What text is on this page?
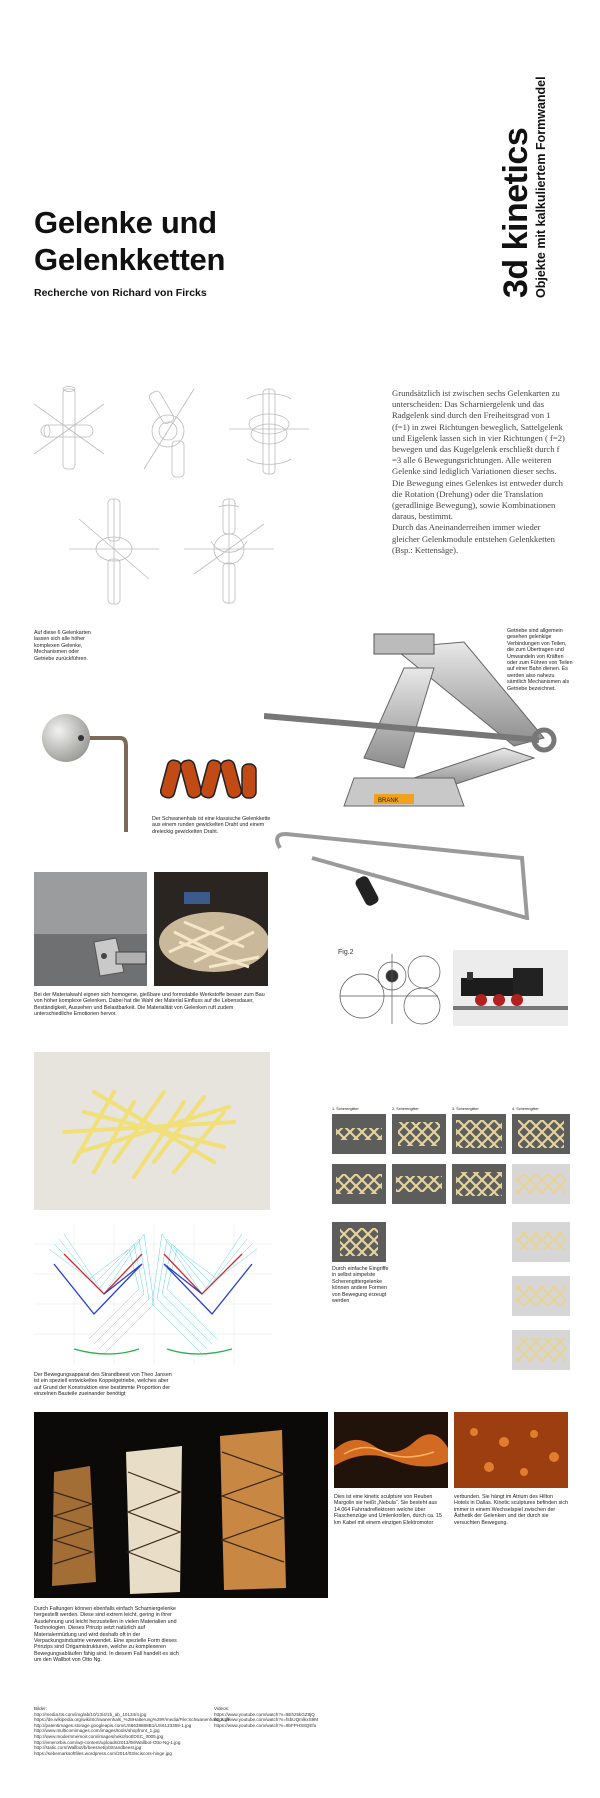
Gelenke und
Gelenkketten
Recherche von Richard von Fircks	3d kinetics Objekte mit kalkuliertem Formwandel
Grundsätzlich ist zwischen sechs Gelenkarten zu unterscheiden: Das Scharniergelenk und das Radgelenk sind durch den Freiheitsgrad von 1 (f=1) in zwei Richtungen beweglich, Sattelgelenk und Eigelenk lassen sich in vier Richtungen ( f=2) bewegen und das Kugelgelenk erschließt durch f =3 alle 6 Bewegungsrichtungen. Alle weiteren Gelenke sind lediglich Variationen dieser sechs.
Die Bewegung eines Gelenkes ist entweder durch die Rotation (Drehung) oder die Translation (geradlinige Bewegung), sowie Kombinationen daraus, bestimmt.
Durch das Aneinanderreihen immer wieder gleicher Gelenkmodule entstehen Gelenkketten (Bsp.: Kettensäge).
Auf diese 6 Gelenkarten lassen sich alle höher komplexen Gelenke, Mechanismen oder Getriebe zurückführen.
Getriebe sind allgemein gesehen gelenkige Verbindungen von Teilen, die zum Übertragen und Umwandeln von Kräften oder zum Führen von Teilen auf einer Bahn dienen. Es werden also nahezu sämtlich Mechanismen als Getriebe bezeichnet.
Der Schwanenhals ist eine klassische Gelenkkette aus einem runden gewickelten Draht und einem dreieckig gewickelten Draht.
BRANK
Bei der Materialwahl eignen sich homogene, gießbare und formstabile Werkstoffe besser zum Bau von höher komplexe Gelenken. Dabei hat die Wahl der Material Einfluss auf die Lebensdauer, Beständigkeit, Aussehen und Belastbarkeit. Die Materialität von Gelenken ruft zudem unterschiedliche Emotionen hervor.
Fig.2
1. Scherengitter	2. Scherengitter	3. Scherengitter	4. Scherengitter
Durch einfache Eingriffe in selbst simpelste Scherengittergelenke können andere Formen von Bewegung erzeugt werden
Der Bewegungsapparat des Strandbeest von Theo Jansen ist ein speziell entwickeltes Koppelgetriebe, welches aber auf Grund der Konstruktion eine bestimmte Proportion der einzelnen Bauteile zueinander benötigt
Durch Faltungen können ebenfalls einfach Scharniergelenke hergestellt werden. Diese sind extrem leicht, gering in ihrer Ausdehnung und leicht herzustellen in vielen Materialien und Technologien. Dieses Prinzip setzt natürlich auf Materialermüdung und wird deshalb oft in der Verpackungsindustrie verwendet. Eine spezielle Form dieses Prinzips sind Origamistrukturen, welche zu komplexeren Bewegungsabläufen fähig sind. In diesem Fall handelt es sich um den Wallbot von Otto Ng.
Dies ist eine kinetic sculpture von Reuben Margolin sie heißt „Nebula“. Sie besteht aus 14.064 Fahrradreflektoren welche über Flaschenzüge und Umlenkrollen, durch ca. 15 km Kabel mit einem einzigen Elektromotor
verbunden. Sie hängt im Atrium des Hilton Hotels in Dallas. Kinetic sculptures befinden sich immer in einem Wechselspiel zwischen der Ästhetik der Gelenken und der durch sie versuchten Bewegung.
Bilder:
http://media.tts.com/img/ab/10/13/4/1b_ab_10134/4.jpg
https://de.wikipedia.org/wiki/Schwanenhals_%28Halterung%29#/media/File:Schwanenhals_2.gif
http://patentimages.storage.googleapis.com/US6638888B1/US6133359-1.jpg
http://www.multicomimages.com/images/tools/shopfront_1.jpg
http://www.modernmemoir.com/images/nekofoot/DSC_0005.jpg
http://emerorbis.com/wp-content/uploads/2013/08/Wallbot-Otto-Ng-1.jpg
http://static.com/Wallbot/b/beesnet/p/Strandbeest.jpg
https://sebemarksoftfiles.wordpress.com/2014/03/sciscors-hinge.jpg
Videos:
https://www.youtube.com/watch?v=8Ehz5kGZ8jQ
https://www.youtube.com/watch?v=htbUQmlkxS9M
https://www.youtube.com/watch?v=9bFPHS8QEfu
